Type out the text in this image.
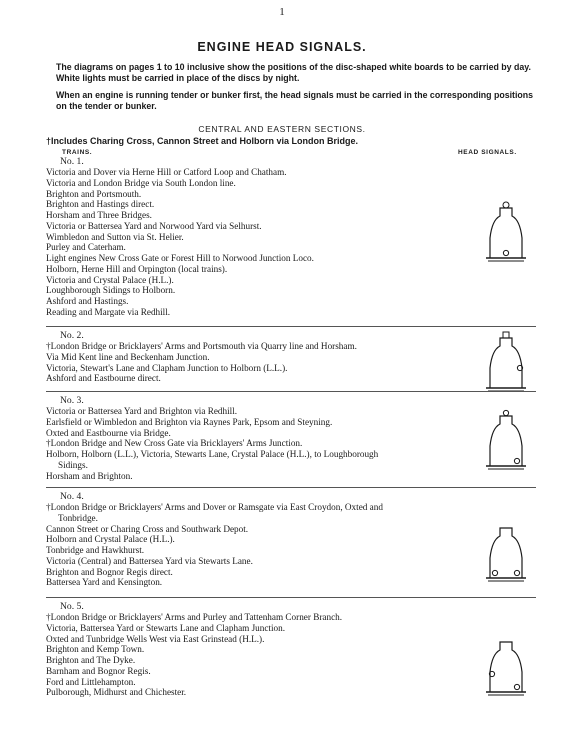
1
ENGINE HEAD SIGNALS.
The diagrams on pages 1 to 10 inclusive show the positions of the disc-shaped white boards to be carried by day. White lights must be carried in place of the discs by night.
When an engine is running tender or bunker first, the head signals must be carried in the corresponding positions on the tender or bunker.
CENTRAL AND EASTERN SECTIONS.
†Includes Charing Cross, Cannon Street and Holborn via London Bridge.
TRAINS.	HEAD SIGNALS.
No. 1.
Victoria and Dover via Herne Hill or Catford Loop and Chatham.
Victoria and London Bridge via South London line.
Brighton and Portsmouth.
Brighton and Hastings direct.
Horsham and Three Bridges.
Victoria or Battersea Yard and Norwood Yard via Selhurst.
Wimbledon and Sutton via St. Helier.
Purley and Caterham.
Light engines New Cross Gate or Forest Hill to Norwood Junction Loco.
Holborn, Herne Hill and Orpington (local trains).
Victoria and Crystal Palace (H.L.).
Loughborough Sidings to Holborn.
Ashford and Hastings.
Reading and Margate via Redhill.
No. 2.
†London Bridge or Bricklayers' Arms and Portsmouth via Quarry line and Horsham.
Via Mid Kent line and Beckenham Junction.
Victoria, Stewart's Lane and Clapham Junction to Holborn (L.L.).
Ashford and Eastbourne direct.
No. 3.
Victoria or Battersea Yard and Brighton via Redhill.
Earlsfield or Wimbledon and Brighton via Raynes Park, Epsom and Steyning.
Oxted and Eastbourne via Bridge.
†London Bridge and New Cross Gate via Bricklayers' Arms Junction.
Holborn, Holborn (L.L.), Victoria, Stewarts Lane, Crystal Palace (H.L.), to Loughborough
Sidings.
Horsham and Brighton.
No. 4.
†London Bridge or Bricklayers' Arms and Dover or Ramsgate via East Croydon, Oxted and
Tonbridge.
Cannon Street or Charing Cross and Southwark Depot.
Holborn and Crystal Palace (H.L.).
Tonbridge and Hawkhurst.
Victoria (Central) and Battersea Yard via Stewarts Lane.
Brighton and Bognor Regis direct.
Battersea Yard and Kensington.
No. 5.
†London Bridge or Bricklayers' Arms and Purley and Tattenham Corner Branch.
Victoria, Battersea Yard or Stewarts Lane and Clapham Junction.
Oxted and Tunbridge Wells West via East Grinstead (H.L.).
Brighton and Kemp Town.
Brighton and The Dyke.
Barnham and Bognor Regis.
Ford and Littlehampton.
Pulborough, Midhurst and Chichester.
